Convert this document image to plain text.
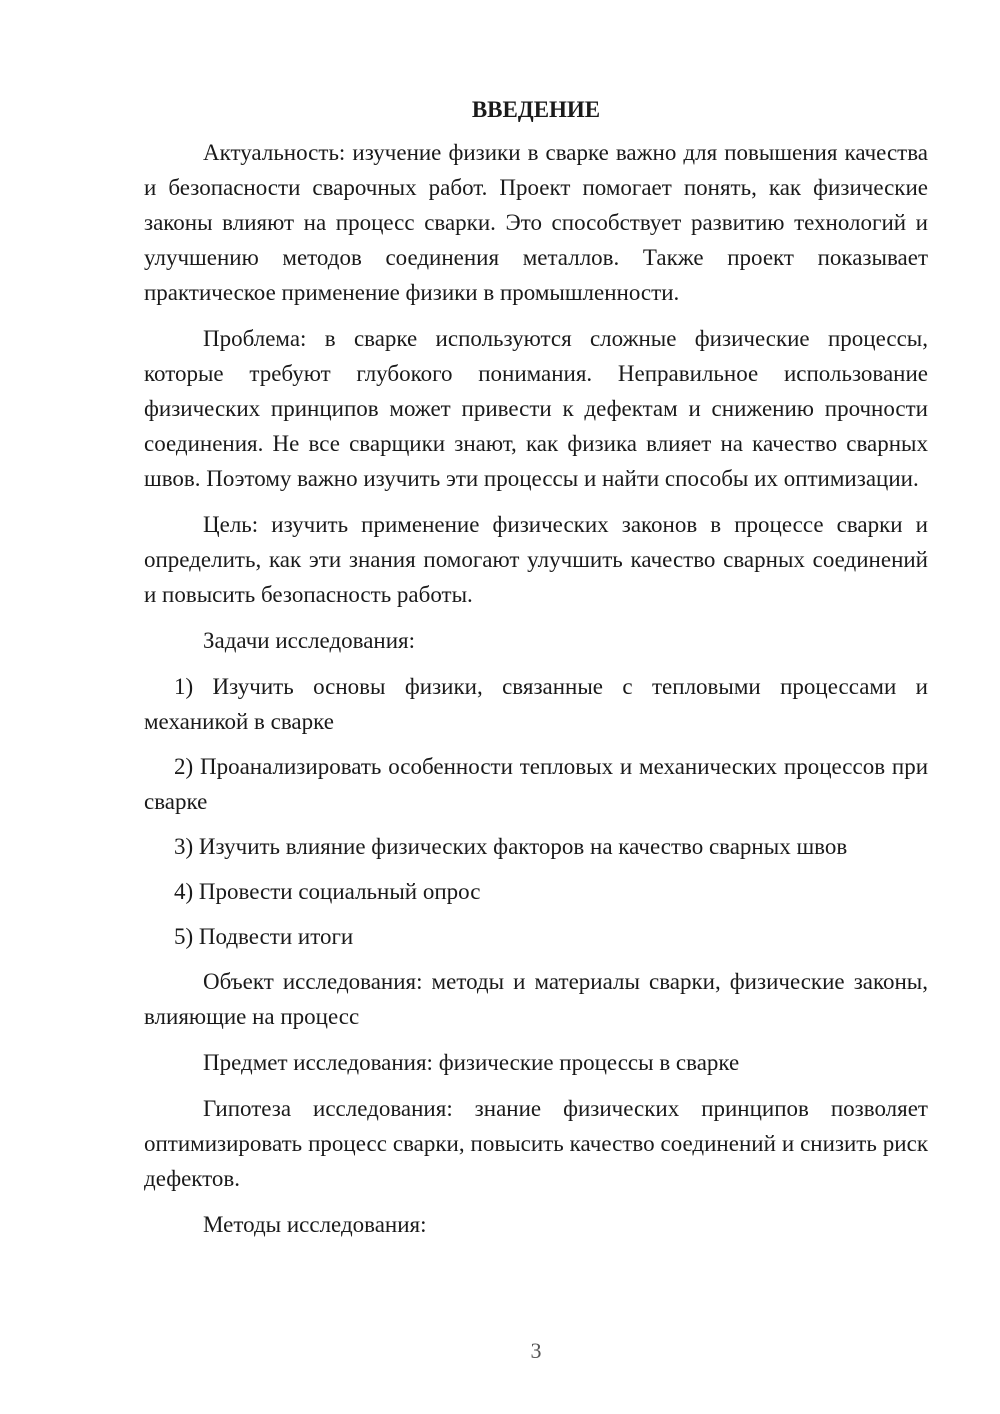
ВВЕДЕНИЕ

Актуальность: изучение физики в сварке важно для повышения качества и безопасности сварочных работ. Проект помогает понять, как физические законы влияют на процесс сварки. Это способствует развитию технологий и улучшению методов соединения металлов. Также проект показывает практическое применение физики в промышленности.

Проблема: в сварке используются сложные физические процессы, которые требуют глубокого понимания. Неправильное использование физических принципов может привести к дефектам и снижению прочности соединения. Не все сварщики знают, как физика влияет на качество сварных швов. Поэтому важно изучить эти процессы и найти способы их оптимизации.

Цель: изучить применение физических законов в процессе сварки и определить, как эти знания помогают улучшить качество сварных соединений и повысить безопасность работы.

Задачи исследования:

1) Изучить основы физики, связанные с тепловыми процессами и механикой в сварке

2) Проанализировать особенности тепловых и механических процессов при сварке

3) Изучить влияние физических факторов на качество сварных швов

4) Провести социальный опрос

5) Подвести итоги

Объект исследования: методы и материалы сварки, физические законы, влияющие на процесс

Предмет исследования: физические процессы в сварке

Гипотеза исследования: знание физических принципов позволяет оптимизировать процесс сварки, повысить качество соединений и снизить риск дефектов.

Методы исследования:

3
